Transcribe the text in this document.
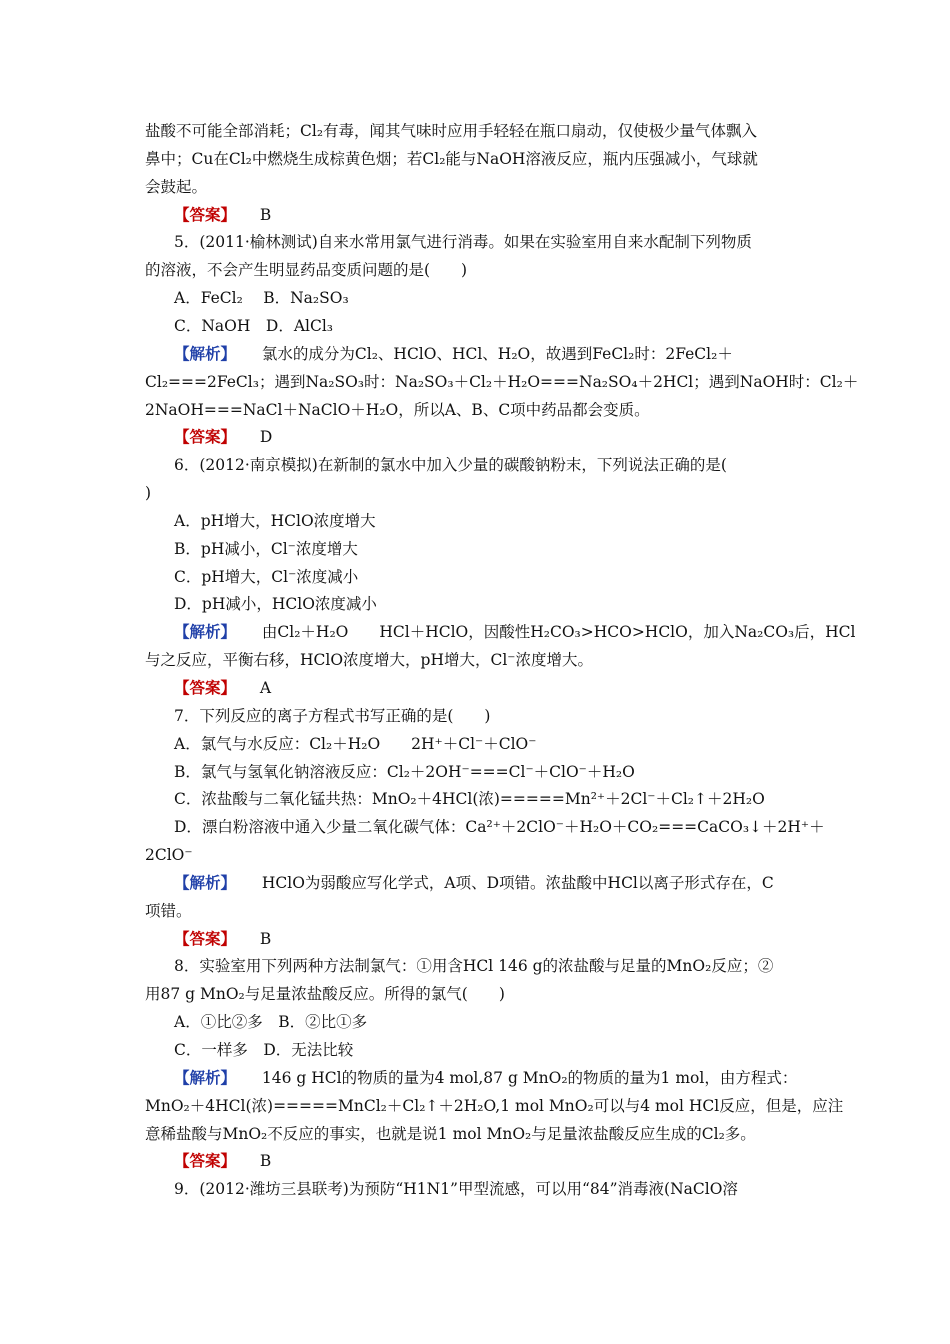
盐酸不可能全部消耗；Cl₂有毒，闻其气味时应用手轻轻在瓶口扇动，仅使极少量气体飘入
鼻中；Cu在Cl₂中燃烧生成棕黄色烟；若Cl₂能与NaOH溶液反应，瓶内压强减小，气球就
会鼓起。
【答案】 B
5．(2011·榆林测试)自来水常用氯气进行消毒。如果在实验室用自来水配制下列物质
的溶液，不会产生明显药品变质问题的是(　　)
A．FeCl₂　 B．Na₂SO₃
C．NaOH　D．AlCl₃
【解析】 氯水的成分为Cl₂、HClO、HCl、H₂O，故遇到FeCl₂时：2FeCl₂＋
Cl₂===2FeCl₃；遇到Na₂SO₃时：Na₂SO₃＋Cl₂＋H₂O===Na₂SO₄＋2HCl；遇到NaOH时：Cl₂＋
2NaOH===NaCl＋NaClO＋H₂O，所以A、B、C项中药品都会变质。
【答案】 D
6．(2012·南京模拟)在新制的氯水中加入少量的碳酸钠粉末，下列说法正确的是(
)
A．pH增大，HClO浓度增大
B．pH减小，Cl⁻浓度增大
C．pH增大，Cl⁻浓度减小
D．pH减小，HClO浓度减小
【解析】 由Cl₂＋H₂O　　HCl＋HClO，因酸性H₂CO₃>HCO>HClO，加入Na₂CO₃后，HCl
与之反应，平衡右移，HClO浓度增大，pH增大，Cl⁻浓度增大。
【答案】 A
7．下列反应的离子方程式书写正确的是(　　)
A．氯气与水反应：Cl₂＋H₂O　　2H⁺＋Cl⁻＋ClO⁻
B．氯气与氢氧化钠溶液反应：Cl₂＋2OH⁻===Cl⁻＋ClO⁻＋H₂O
C．浓盐酸与二氧化锰共热：MnO₂＋4HCl(浓)=====Mn²⁺＋2Cl⁻＋Cl₂↑＋2H₂O
D．漂白粉溶液中通入少量二氧化碳气体：Ca²⁺＋2ClO⁻＋H₂O＋CO₂===CaCO₃↓＋2H⁺＋
2ClO⁻
【解析】 HClO为弱酸应写化学式，A项、D项错。浓盐酸中HCl以离子形式存在，C
项错。
【答案】 B
8．实验室用下列两种方法制氯气：①用含HCl 146 g的浓盐酸与足量的MnO₂反应；②
用87 g MnO₂与足量浓盐酸反应。所得的氯气(　　)
A．①比②多　B．②比①多
C．一样多　D．无法比较
【解析】 146 g HCl的物质的量为4 mol,87 g MnO₂的物质的量为1 mol，由方程式：
MnO₂＋4HCl(浓)=====MnCl₂＋Cl₂↑＋2H₂O,1 mol MnO₂可以与4 mol HCl反应，但是，应注
意稀盐酸与MnO₂不反应的事实，也就是说1 mol MnO₂与足量浓盐酸反应生成的Cl₂多。
【答案】 B
9．(2012·潍坊三县联考)为预防“H1N1”甲型流感，可以用“84”消毒液(NaClO溶
